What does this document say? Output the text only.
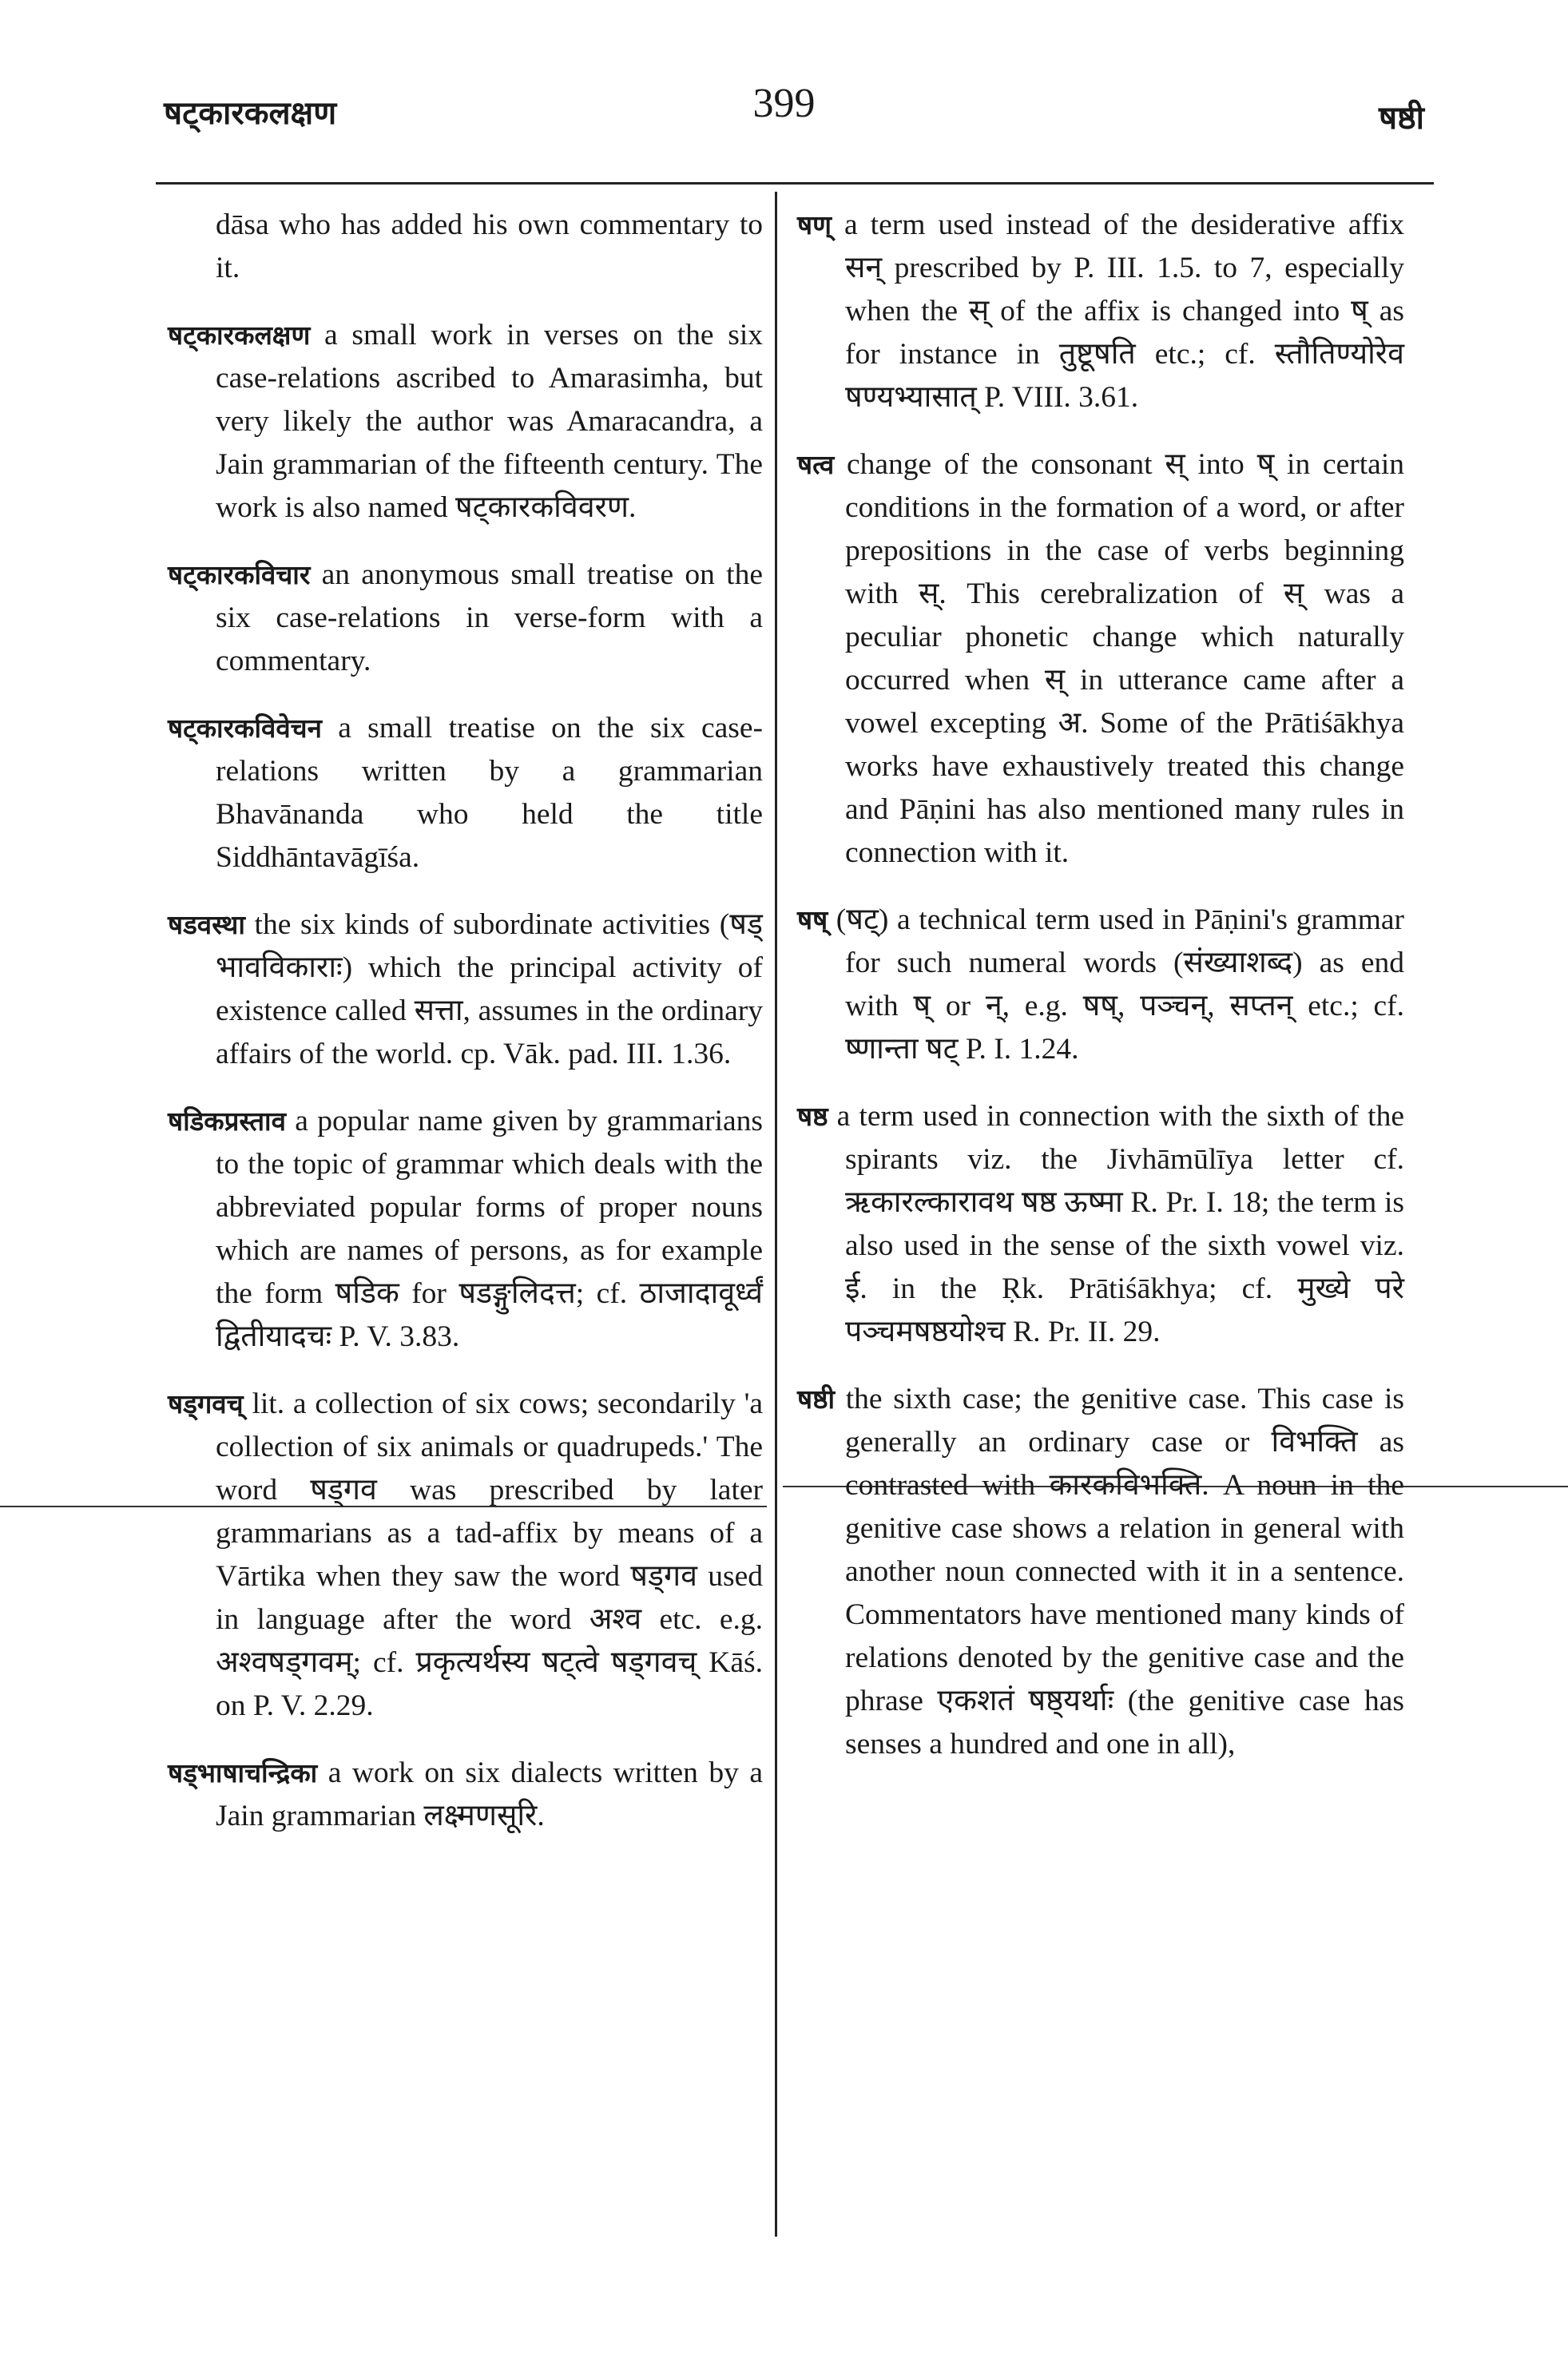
षट्कारकलक्षण	399	षष्ठी

dāsa who has added his own commentary to it.

षट्कारकलक्षण a small work in verses on the six case-relations ascribed to Amarasimha, but very likely the author was Amaracandra, a Jain grammarian of the fifteenth century. The work is also named षट्कारकविवरण.

षट्कारकविचार an anonymous small treatise on the six case-relations in verse-form with a commentary.

षट्कारकविवेचन a small treatise on the six case-relations written by a grammarian Bhavānanda who held the title Siddhāntavāgīśa.

षडवस्था the six kinds of subordinate activities (षड् भावविकाराः) which the principal activity of existence called सत्ता, assumes in the ordinary affairs of the world. cp. Vāk. pad. III. 1.36.

षडिकप्रस्ताव a popular name given by grammarians to the topic of grammar which deals with the abbreviated popular forms of proper nouns which are names of persons, as for example the form षडिक for षडङ्गुलिदत्त; cf. ठाजादावूर्ध्वं द्वितीयादचः P. V. 3.83.

षड्गवच् lit. a collection of six cows; secondarily 'a collection of six animals or quadrupeds.' The word षड्गव was prescribed by later grammarians as a tad-affix by means of a Vārtika when they saw the word षड्गव used in language after the word अश्व etc. e.g. अश्वषड्गवम्; cf. प्रकृत्यर्थस्य षट्त्वे षड्गवच् Kāś. on P. V. 2.29.

षड्भाषाचन्द्रिका a work on six dialects written by a Jain grammarian लक्ष्मणसूरि.

षण् a term used instead of the desiderative affix सन् prescribed by P. III. 1.5. to 7, especially when the स् of the affix is changed into ष् as for instance in तुष्टूषति etc.; cf. स्तौतिण्योरेव षण्यभ्यासात् P. VIII. 3.61.

षत्व change of the consonant स् into ष् in certain conditions in the formation of a word, or after prepositions in the case of verbs beginning with स्. This cerebralization of स् was a peculiar phonetic change which naturally occurred when स् in utterance came after a vowel excepting अ. Some of the Prātiśākhya works have exhaustively treated this change and Pāṇini has also mentioned many rules in connection with it.

षष् (षट्) a technical term used in Pāṇini's grammar for such numeral words (संख्याशब्द) as end with ष् or न्, e.g. षष्, पञ्चन्, सप्तन् etc.; cf. ष्णान्ता षट् P. I. 1.24.

षष्ठ a term used in connection with the sixth of the spirants viz. the Jivhāmūlīya letter cf. ऋकारल्कारावथ षष्ठ ऊष्मा R. Pr. I. 18; the term is also used in the sense of the sixth vowel viz. ई. in the Ṛk. Prātiśākhya; cf. मुख्ये परे पञ्चमषष्ठयोश्च R. Pr. II. 29.

षष्ठी the sixth case; the genitive case. This case is generally an ordinary case or विभक्ति as contrasted with कारकविभक्ति. A noun in the genitive case shows a relation in general with another noun connected with it in a sentence. Commentators have mentioned many kinds of relations denoted by the genitive case and the phrase एकशतं षष्ठ्यर्थाः (the genitive case has senses a hundred and one in all),
